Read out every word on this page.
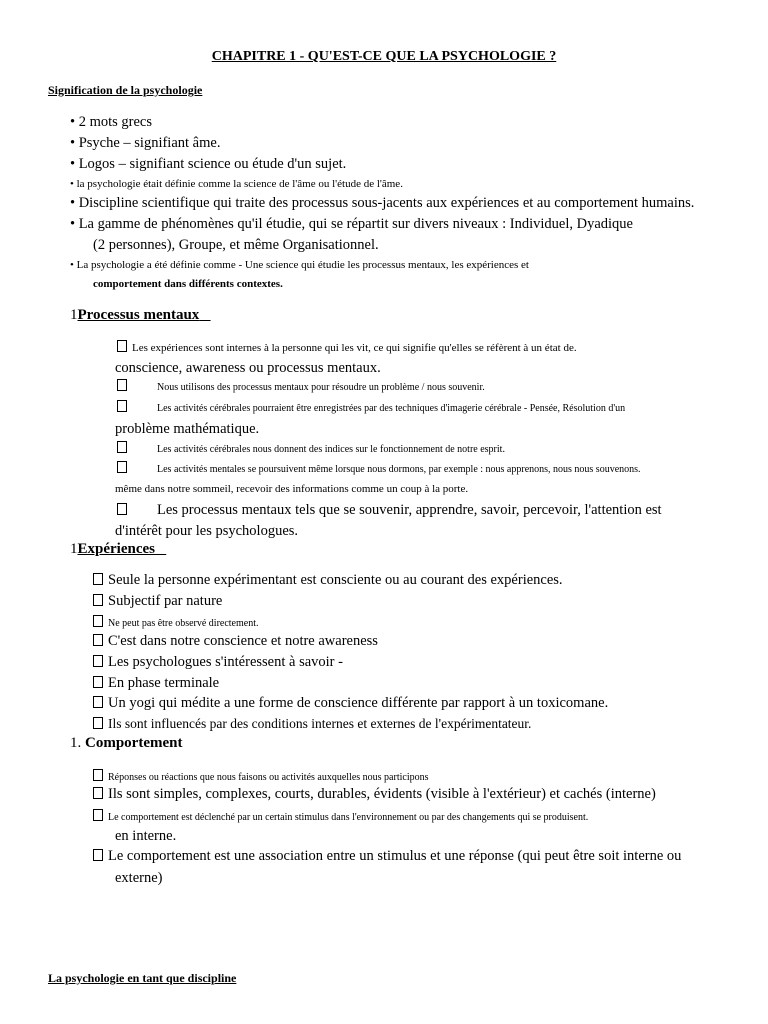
CHAPITRE 1 - QU'EST-CE QUE LA PSYCHOLOGIE ?
Signification de la psychologie
• 2 mots grecs
• Psyche – signifiant âme.
• Logos – signifiant science ou étude d'un sujet.
• la psychologie était définie comme la science de l'âme ou l'étude de l'âme.
• Discipline scientifique qui traite des processus sous-jacents aux expériences et au comportement humains.
• La gamme de phénomènes qu'il étudie, qui se répartit sur divers niveaux : Individuel, Dyadique
(2 personnes), Groupe, et même Organisationnel.
• La psychologie a été définie comme - Une science qui étudie les processus mentaux, les expériences et
comportement dans différents contextes.
1Processus mentaux
Les expériences sont internes à la personne qui les vit, ce qui signifie qu'elles se réfèrent à un état de.
conscience, awareness ou processus mentaux.
Nous utilisons des processus mentaux pour résoudre un problème / nous souvenir.
Les activités cérébrales pourraient être enregistrées par des techniques d'imagerie cérébrale - Pensée, Résolution d'un
problème mathématique.
Les activités cérébrales nous donnent des indices sur le fonctionnement de notre esprit.
Les activités mentales se poursuivent même lorsque nous dormons, par exemple : nous apprenons, nous nous souvenons.
même dans notre sommeil, recevoir des informations comme un coup à la porte.
Les processus mentaux tels que se souvenir, apprendre, savoir, percevoir, l'attention est
d'intérêt pour les psychologues.
1Expériences
Seule la personne expérimentant est consciente ou au courant des expériences.
Subjectif par nature
Ne peut pas être observé directement.
C'est dans notre conscience et notre awareness
Les psychologues s'intéressent à savoir -
En phase terminale
Un yogi qui médite a une forme de conscience différente par rapport à un toxicomane.
Ils sont influencés par des conditions internes et externes de l'expérimentateur.
1. Comportement
Réponses ou réactions que nous faisons ou activités auxquelles nous participons
Ils sont simples, complexes, courts, durables, évidents (visible à l'extérieur) et cachés (interne)
Le comportement est déclenché par un certain stimulus dans l'environnement ou par des changements qui se produisent.
en interne.
Le comportement est une association entre un stimulus et une réponse (qui peut être soit interne ou
externe)
La psychologie en tant que discipline
